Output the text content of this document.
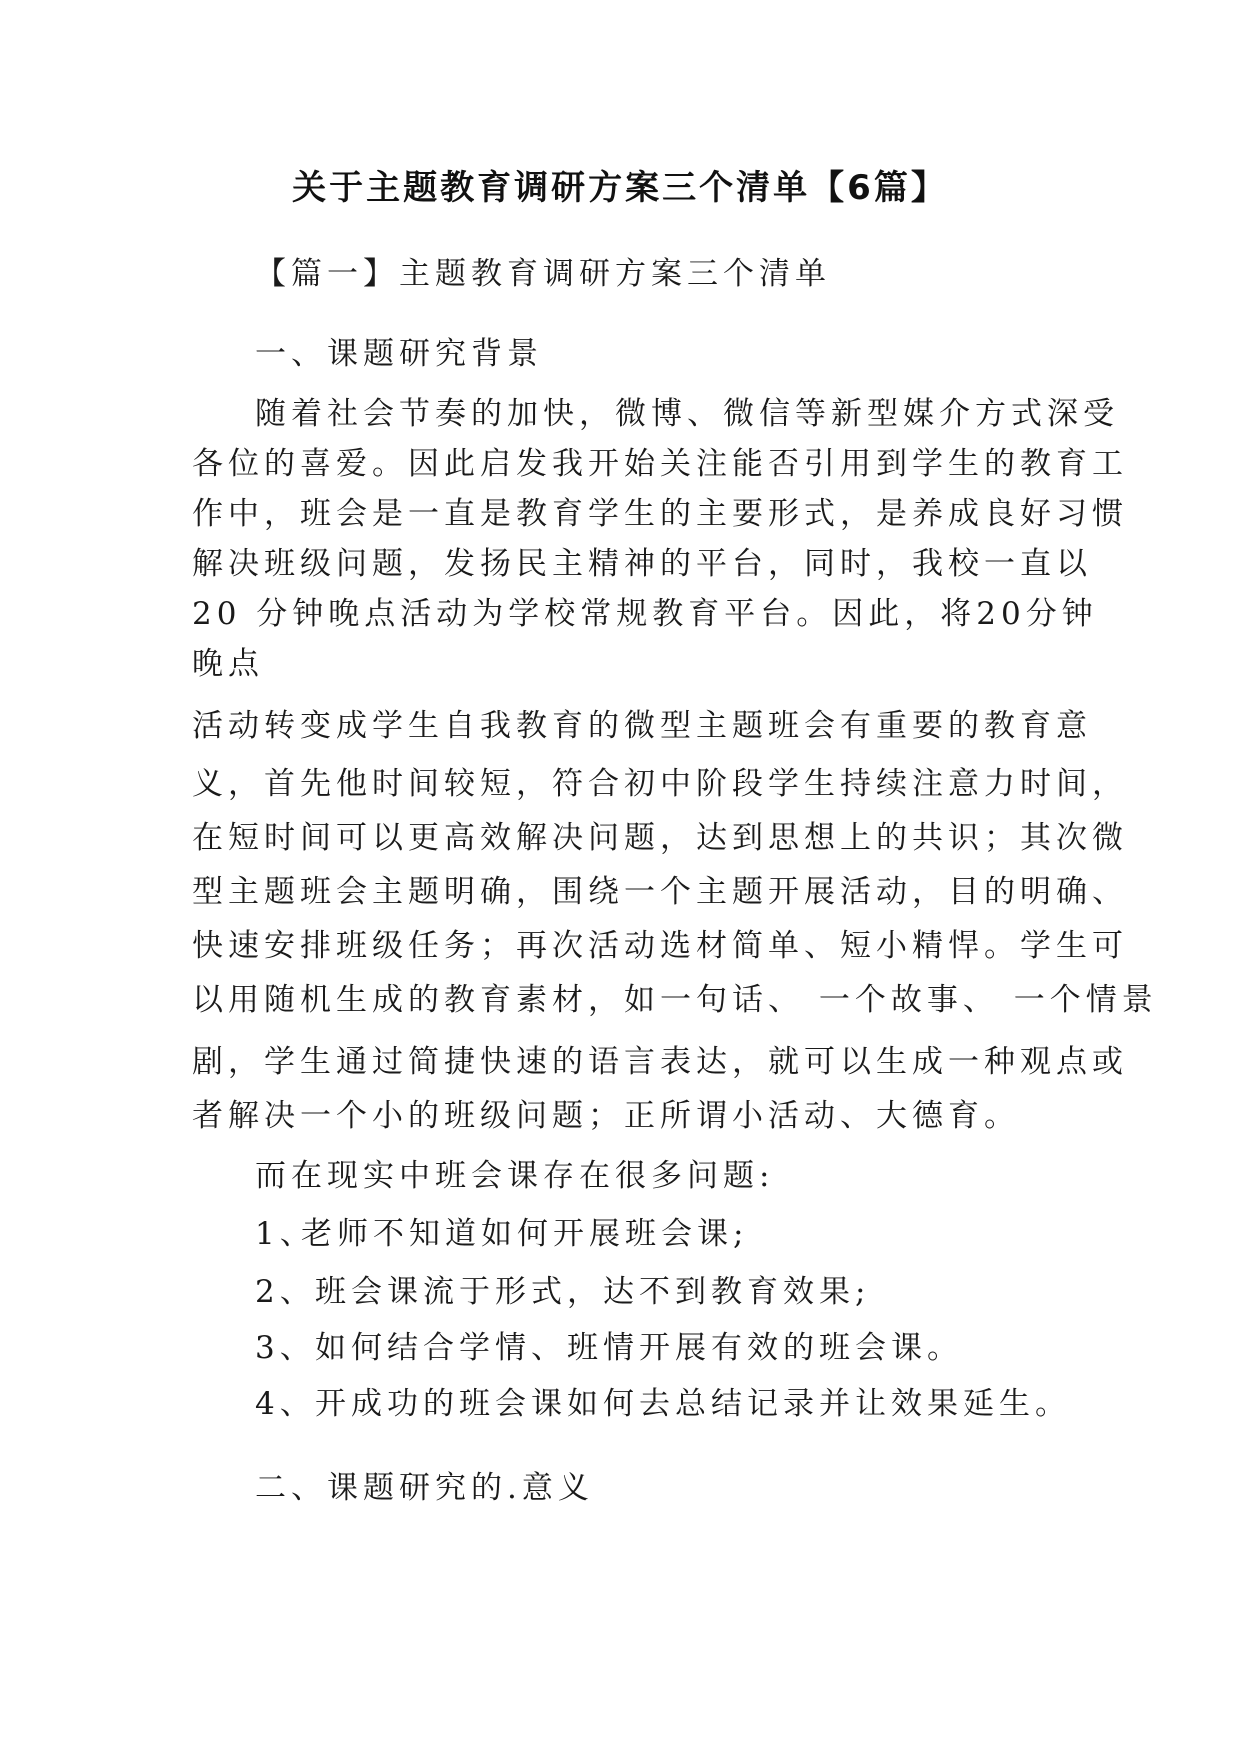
关于主题教育调研方案三个清单【6篇】
【篇一】主题教育调研方案三个清单
一、课题研究背景
随着社会节奏的加快，微博、微信等新型媒介方式深受
各位的喜爱。因此启发我开始关注能否引用到学生的教育工
作中，班会是一直是教育学生的主要形式，是养成良好习惯
解决班级问题，发扬民主精神的平台，同时，我校一直以
20 分钟晚点活动为学校常规教育平台。因此，将20分钟
晚点
活动转变成学生自我教育的微型主题班会有重要的教育意
义，首先他时间较短，符合初中阶段学生持续注意力时间，
在短时间可以更高效解决问题，达到思想上的共识；其次微
型主题班会主题明确，围绕一个主题开展活动，目的明确、
快速安排班级任务；再次活动选材简单、短小精悍。学生可
以用随机生成的教育素材，如一句话、 一个故事、 一个情景
剧，学生通过简捷快速的语言表达，就可以生成一种观点或
者解决一个小的班级问题；正所谓小活动、大德育。
而在现实中班会课存在很多问题:
1、老师不知道如何开展班会课;
2、班会课流于形式，达不到教育效果;
3、如何结合学情、班情开展有效的班会课。
4、开成功的班会课如何去总结记录并让效果延生。
二、课题研究的.意义
